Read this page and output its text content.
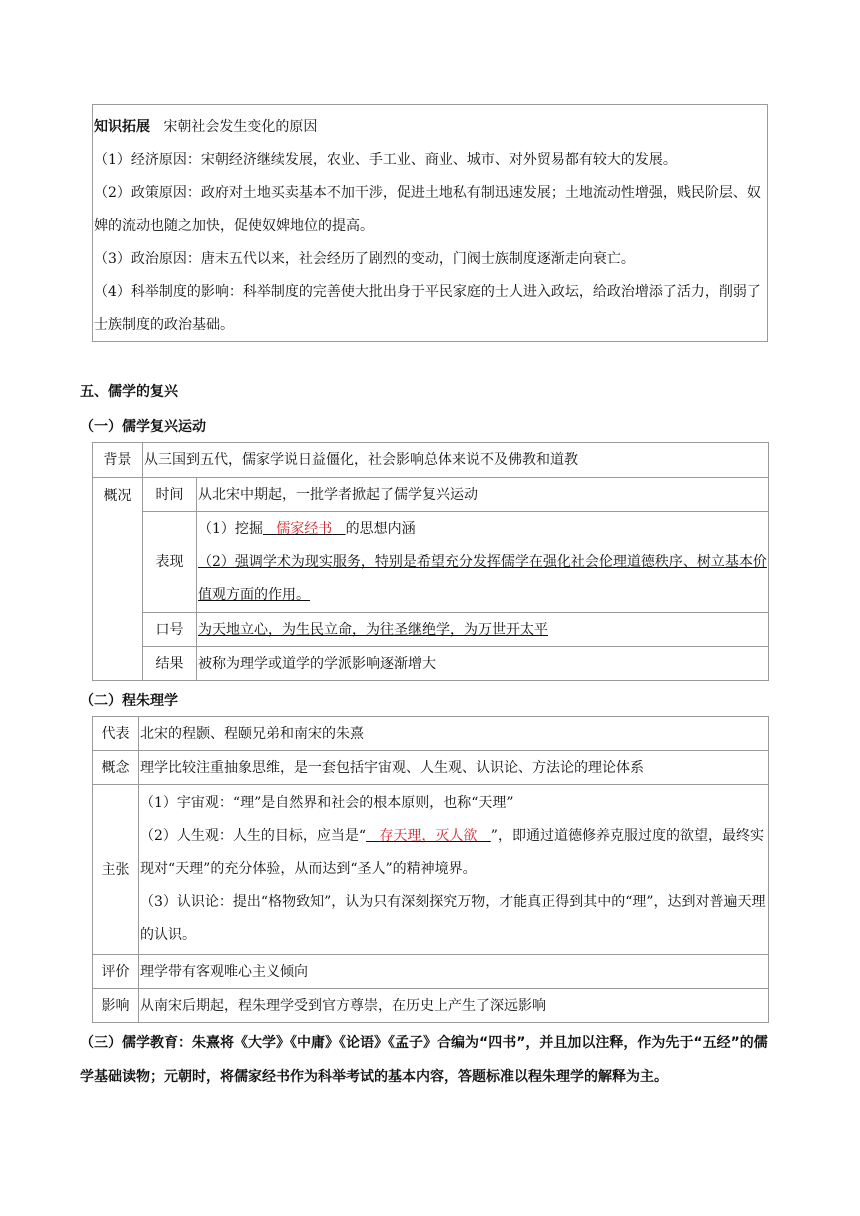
知识拓展 宋朝社会发生变化的原因

（1）经济原因：宋朝经济继续发展，农业、手工业、商业、城市、对外贸易都有较大的发展。

（2）政策原因：政府对土地买卖基本不加干涉，促进土地私有制迅速发展；土地流动性增强，贱民阶层、奴婢的流动也随之加快，促使奴婢地位的提高。

（3）政治原因：唐末五代以来，社会经历了剧烈的变动，门阀士族制度逐渐走向衰亡。

（4）科举制度的影响：科举制度的完善使大批出身于平民家庭的士人进入政坛，给政治增添了活力，削弱了士族制度的政治基础。

五、儒学的复兴
（一）儒学复兴运动
背景	从三国到五代，儒家学说日益僵化，社会影响总体来说不及佛教和道教	
概况	时间	从北宋中期起，一批学者掀起了儒学复兴运动
	表现	（1）挖掘 儒家经书 的思想内涵
（2）强调学术为现实服务，特别是希望充分发挥儒学在强化社会伦理道德秩序、树立基本价值观方面的作用。
	口号	为天地立心，为生民立命，为往圣继绝学，为万世开太平
	结果	被称为理学或道学的学派影响逐渐增大
（二）程朱理学
代表	北宋的程颢、程颐兄弟和南宋的朱熹
概念	理学比较注重抽象思维，是一套包括宇宙观、人生观、认识论、方法论的理论体系
主张	（1）宇宙观：“理”是自然界和社会的根本原则，也称“天理”
（2）人生观：人生的目标，应当是“ 存天理，灭人欲 ”，即通过道德修养克服过度的欲望，最终实现对“天理”的充分体验，从而达到“圣人”的精神境界。
（3）认识论：提出“格物致知”，认为只有深刻探究万物，才能真正得到其中的“理”，达到对普遍天理的认识。

评价	理学带有客观唯心主义倾向
影响	从南宋后期起，程朱理学受到官方尊崇，在历史上产生了深远影响
（三）儒学教育：朱熹将《大学》《中庸》《论语》《孟子》合编为“四书”，并且加以注释，作为先于“五经”的儒学基础读物；元朝时，将儒家经书作为科举考试的基本内容，答题标准以程朱理学的解释为主。
